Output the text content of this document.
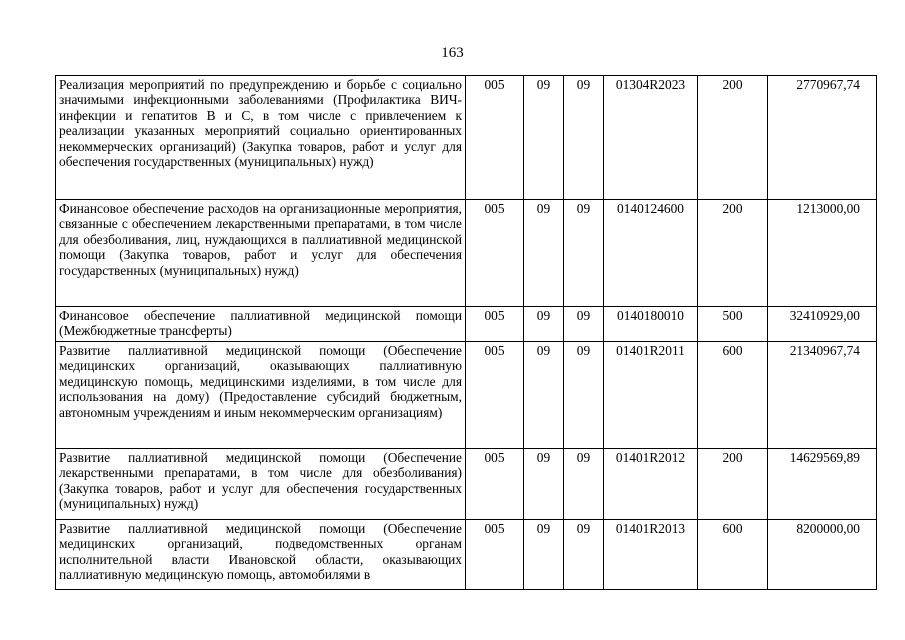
163
Реализация мероприятий по предупреждению и борьбе с социально значимыми инфекционными заболеваниями (Профилактика ВИЧ-инфекции и гепатитов В и С, в том числе с привлечением к реализации указанных мероприятий социально ориентированных некоммерческих организаций) (Закупка товаров, работ и услуг для обеспечения государственных (муниципальных) нужд)	005	09	09	01304R2023	200	2770967,74
Финансовое обеспечение расходов на организационные мероприятия, связанные с обеспечением лекарственными препаратами, в том числе для обезболивания, лиц, нуждающихся в паллиативной медицинской помощи (Закупка товаров, работ и услуг для обеспечения государственных (муниципальных) нужд)	005	09	09	0140124600	200	1213000,00
Финансовое обеспечение паллиативной медицинской помощи (Межбюджетные трансферты)	005	09	09	0140180010	500	32410929,00
Развитие паллиативной медицинской помощи (Обеспечение медицинских организаций, оказывающих паллиативную медицинскую помощь, медицинскими изделиями, в том числе для использования на дому) (Предоставление субсидий бюджетным, автономным учреждениям и иным некоммерческим организациям)	005	09	09	01401R2011	600	21340967,74
Развитие паллиативной медицинской помощи (Обеспечение лекарственными препаратами, в том числе для обезболивания) (Закупка товаров, работ и услуг для обеспечения государственных (муниципальных) нужд)	005	09	09	01401R2012	200	14629569,89
Развитие паллиативной медицинской помощи (Обеспечение медицинских организаций, подведомственных органам исполнительной власти Ивановской области, оказывающих паллиативную медицинскую помощь, автомобилями в	005	09	09	01401R2013	600	8200000,00
